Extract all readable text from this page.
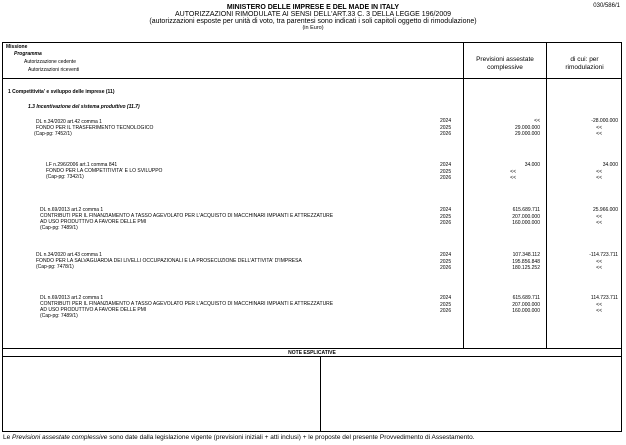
030/586/1
MINISTERO DELLE IMPRESE E DEL MADE IN ITALY
AUTORIZZAZIONI RIMODULATE AI SENSI DELL'ART.33 C. 3 DELLA LEGGE 196/2009
(autorizzazioni esposte per unità di voto, tra parentesi sono indicati i soli capitoli oggetto di rimodulazione)
(in Euro)
Missione
Programma
Autorizzazione cedente
Autorizzazioni riceventi
Previsioni assestate
complessive
di cui: per
rimodulazioni
1 Competitivita' e sviluppo delle imprese (11)
1.3 Incentivazione del sistema produttivo (11.7)
DL n.34/2020 art.42 comma 1
FONDO PER IL TRASFERIMENTO TECNOLOGICO
(Cap-pg: 7452/1)
2024
2025
2026
<<
29.000.000
29.000.000
-28.000.000
<<
<<
LF n.296/2006 art.1 comma 841
FONDO PER LA COMPETITIVITA' E LO SVILUPPO
(Cap-pg: 7342/1)
2024
2025
2026
34.000
<<
<<
34.000
<<
<<
DL n.69/2013 art.2 comma 1
CONTRIBUTI PER IL FINANZIAMENTO A TASSO AGEVOLATO PER L'ACQUISTO DI MACCHINARI IMPIANTI E ATTREZZATURE
AD USO PRODUTTIVO A FAVORE DELLE PMI
(Cap-pg: 7489/1)
2024
2025
2026
615.689.711
207.000.000
160.000.000
25.966.000
<<
<<
DL n.34/2020 art.43 comma 1
FONDO PER LA SALVAGUARDIA DEI LIVELLI OCCUPAZIONALI E LA PROSECUZIONE DELL'ATTIVITA' D'IMPRESA
(Cap-pg: 7478/1)
2024
2025
2026
107.348.112
195.856.848
180.125.252
-114.723.711
<<
<<
DL n.69/2013 art.2 comma 1
CONTRIBUTI PER IL FINANZIAMENTO A TASSO AGEVOLATO PER L'ACQUISTO DI MACCHINARI IMPIANTI E ATTREZZATURE
AD USO PRODUTTIVO A FAVORE DELLE PMI
(Cap-pg: 7489/1)
2024
2025
2026
615.689.711
207.000.000
160.000.000
114.723.711
<<
<<
NOTE ESPLICATIVE
Le Previsioni assestate complessive sono date dalla legislazione vigente (previsioni iniziali + atti inclusi) + le proposte del presente Provvedimento di Assestamento.
